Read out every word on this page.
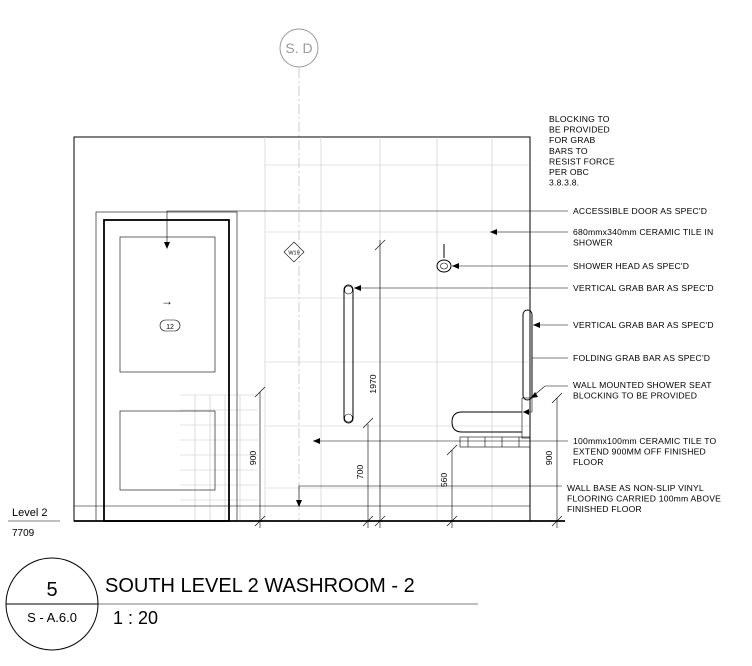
S. D
→
12
W19
900
1970
700
560
900
BLOCKING TO BE PROVIDED FOR GRAB BARS TO RESIST FORCE PER OBC 3.8.3.8.
ACCESSIBLE DOOR AS SPEC'D
680mmx340mm CERAMIC TILE IN SHOWER
SHOWER HEAD AS SPEC'D
VERTICAL GRAB BAR AS SPEC'D
VERTICAL GRAB BAR AS SPEC'D
FOLDING GRAB BAR AS SPEC'D
WALL MOUNTED SHOWER SEAT BLOCKING TO BE PROVIDED
100mmx100mm CERAMIC TILE TO EXTEND 900MM OFF FINISHED FLOOR
WALL BASE AS NON-SLIP VINYL FLOORING CARRIED 100mm ABOVE FINISHED FLOOR
Level 2
7709
5
S - A.6.0
SOUTH LEVEL 2 WASHROOM - 2
1 : 20
